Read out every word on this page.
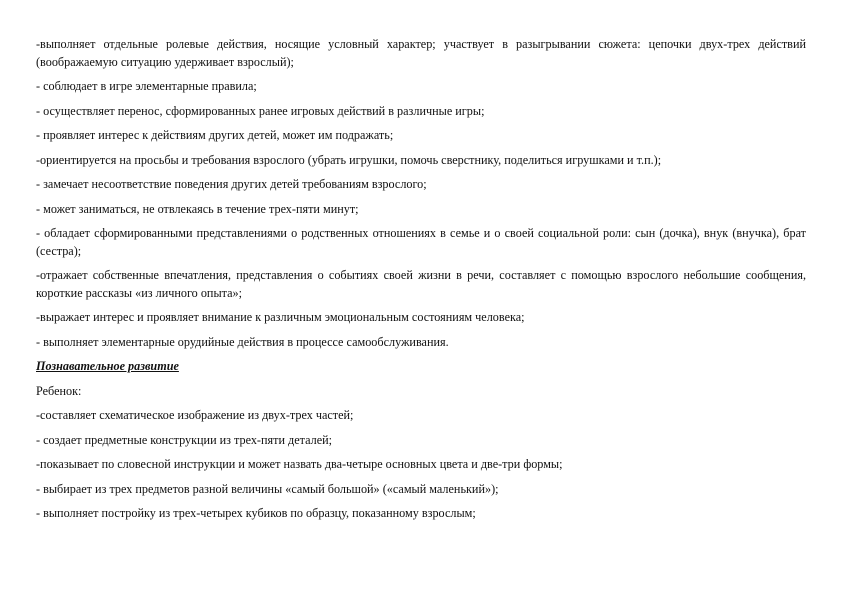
-выполняет отдельные ролевые действия, носящие условный характер; участвует в разыгрывании сюжета: цепочки двух-трех действий (воображаемую ситуацию удерживает взрослый);

- соблюдает в игре элементарные правила;

- осуществляет перенос, сформированных ранее игровых действий в различные игры;

- проявляет интерес к действиям других детей, может им подражать;

-ориентируется на просьбы и требования взрослого (убрать игрушки, помочь сверстнику, поделиться игрушками и т.п.);

- замечает несоответствие поведения других детей требованиям взрослого;

- может заниматься, не отвлекаясь в течение трех-пяти минут;

- обладает сформированными представлениями о родственных отношениях в семье и о своей социальной роли: сын (дочка), внук (внучка), брат (сестра);

-отражает собственные впечатления, представления о событиях своей жизни в речи, составляет с помощью взрослого небольшие сообщения, короткие рассказы «из личного опыта»;

-выражает интерес и проявляет внимание к различным эмоциональным состояниям человека;

- выполняет элементарные орудийные действия в процессе самообслуживания.

Познавательное развитие

Ребенок:

-составляет схематическое изображение из двух-трех частей;

- создает предметные конструкции из трех-пяти деталей;

-показывает по словесной инструкции и может назвать два-четыре основных цвета и две-три формы;

- выбирает из трех предметов разной величины «самый большой» («самый маленький»);

- выполняет постройку из трех-четырех кубиков по образцу, показанному взрослым;
